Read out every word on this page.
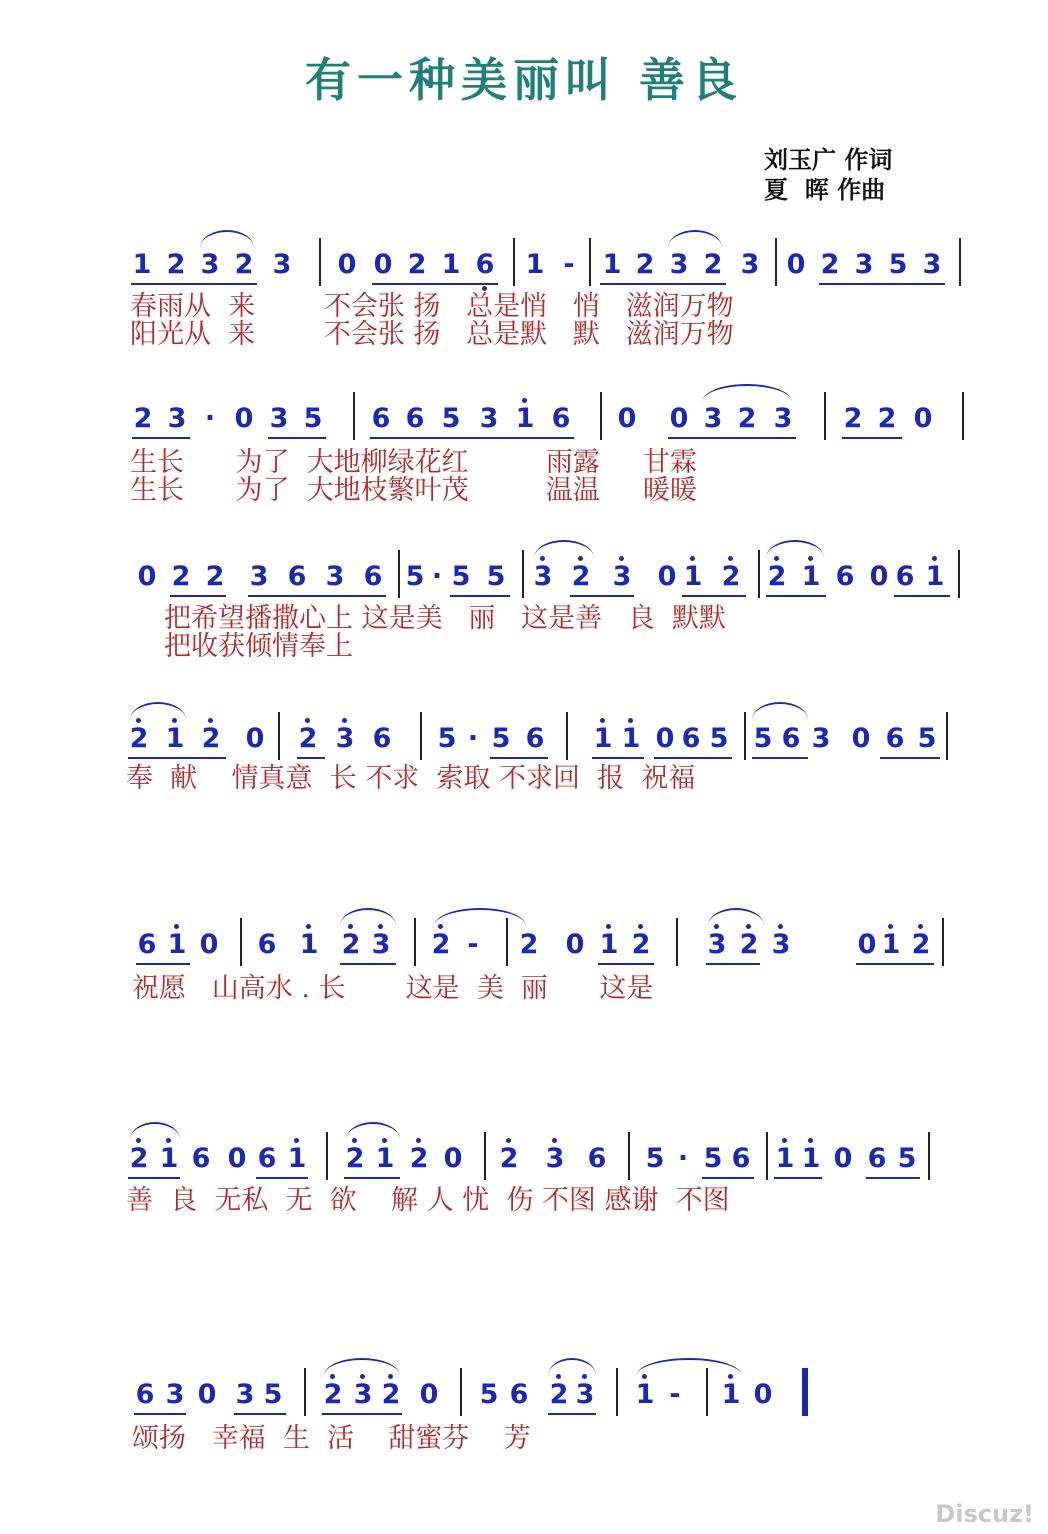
有一种美丽叫 善良
刘玉广 作词
夏  晖 作曲
1 2 3 2 3 0 0 2 1 6 1 -	1 2 3 2 3 0 2 3 5 3
春雨从  来        不会张 扬   总是悄   悄   滋润万物
阳光从  来        不会张 扬   总是默   默   滋润万物
2 3 · 0 3 5 6 6 5 3 1 6 0 0 3 2 3 2 2 0
生长      为了  大地柳绿花红         雨露     甘霖
生长      为了  大地枝繁叶茂         温温     暖暖
0 2 2 3 6 3 6 5 · 5 5 3 2 3 0 1 2 2 1 6 0 6 1
把希望播撒心上 这是美   丽   这是善   良  默默
把收获倾情奉上
2 1 2 0 2 3 6 5 · 5 6 1 1 0 6 5 5 6 3 0 6 5
奉  献    情真意  长 不求  索取 不求回  报  祝福
6 1 0 6 1 2 3 2 -	2 0 1 2 3 2 3 0 1 2
祝愿   山高水 . 长       这是  美  丽      这是
2 1 6 0 6 1 2 1 2 0 2 3 6 5 · 5 6 1 1 0 6 5
善  良  无私  无  欲    解 人 忧  伤 不图 感谢  不图
6 3 0 3 5 2 3 2 0 5 6 2 3 1 -	1 0
颂扬   幸福  生  活    甜蜜芬    芳
Discuz!
